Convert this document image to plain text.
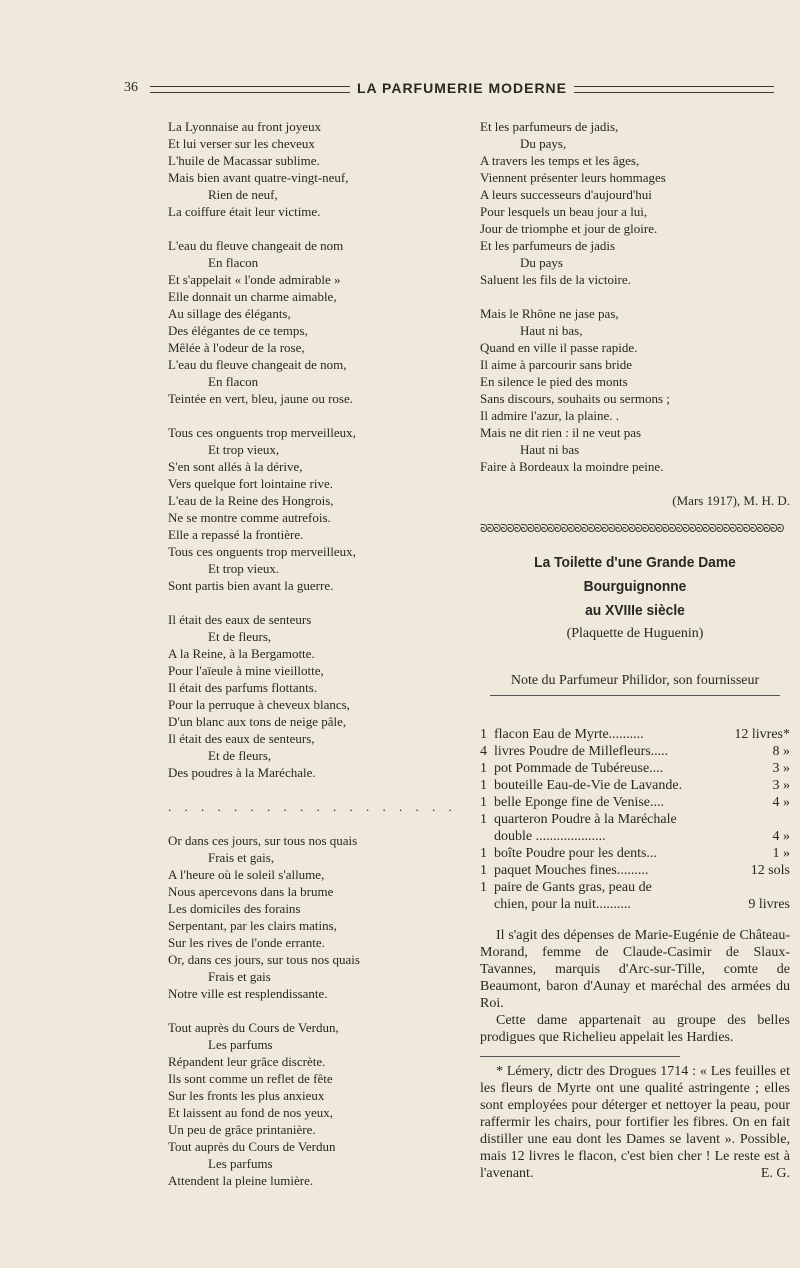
36	LA PARFUMERIE MODERNE
La Lyonnaise au front joyeux
Et lui verser sur les cheveux
L'huile de Macassar sublime.
Mais bien avant quatre-vingt-neuf,
Rien de neuf,
La coiffure était leur victime.
L'eau du fleuve changeait de nom
En flacon
Et s'appelait « l'onde admirable »
Elle donnait un charme aimable,
Au sillage des élégants,
Des élégantes de ce temps,
Mêlée à l'odeur de la rose,
L'eau du fleuve changeait de nom,
En flacon
Teintée en vert, bleu, jaune ou rose.
Tous ces onguents trop merveilleux,
Et trop vieux,
S'en sont allés à la dérive,
Vers quelque fort lointaine rive.
L'eau de la Reine des Hongrois,
Ne se montre comme autrefois.
Elle a repassé la frontière.
Tous ces onguents trop merveilleux,
Et trop vieux.
Sont partis bien avant la guerre.
Il était des eaux de senteurs
Et de fleurs,
A la Reine, à la Bergamotte.
Pour l'aïeule à mine vieillotte,
Il était des parfums flottants.
Pour la perruque à cheveux blancs,
D'un blanc aux tons de neige pâle,
Il était des eaux de senteurs,
Et de fleurs,
Des poudres à la Maréchale.
. . . . . . . . . . . . . . . . . .
Or dans ces jours, sur tous nos quais
Frais et gais,
A l'heure où le soleil s'allume,
Nous apercevons dans la brume
Les domiciles des forains
Serpentant, par les clairs matins,
Sur les rives de l'onde errante.
Or, dans ces jours, sur tous nos quais
Frais et gais
Notre ville est resplendissante.
Tout auprès du Cours de Verdun,
Les parfums
Répandent leur grâce discrète.
Ils sont comme un reflet de fête
Sur les fronts les plus anxieux
Et laissent au fond de nos yeux,
Un peu de grâce printanière.
Tout auprès du Cours de Verdun
Les parfums
Attendent la pleine lumière.
Et les parfumeurs de jadis,
Du pays,
A travers les temps et les âges,
Viennent présenter leurs hommages
A leurs successeurs d'aujourd'hui
Pour lesquels un beau jour a lui,
Jour de triomphe et jour de gloire.
Et les parfumeurs de jadis
Du pays
Saluent les fils de la victoire.
Mais le Rhône ne jase pas,
Haut ni bas,
Quand en ville il passe rapide.
Il aime à parcourir sans bride
En silence le pied des monts
Sans discours, souhaits ou sermons ;
Il admire l'azur, la plaine. .
Mais ne dit rien : il ne veut pas
Haut ni bas
Faire à Bordeaux la moindre peine.
(Mars 1917), M. H. D.
ᘐᘐᘐᘐᘐᘐᘐᘐᘐᘐᘐᘐᘐᘐᘐᘐᘐᘐᘐᘐᘐᘐᘐᘐᘐᘐᘐᘐᘐᘐᘐᘐᘐᘐᘐᘐᘐᘐᘐᘐᘐᘐᘐᘐᘐ
La Toilette d'une Grande Dame Bourguignonne
au XVIIIe siècle
(Plaquette de Huguenin)
Note du Parfumeur Philidor, son fournisseur
1 flacon Eau de Myrte..........	12 livres*
4 livres Poudre de Millefleurs.....	8 »
1 pot Pommade de Tubéreuse....	3 »
1 bouteille Eau-de-Vie de Lavande.	3 »
1 belle Eponge fine de Venise....	4 »
1 quarteron Poudre à la Maréchale
double ....................	4 »
1 boîte Poudre pour les dents...	1 »
1 paquet Mouches fines.........	12 sols
1 paire de Gants gras, peau de
chien, pour la nuit..........	9 livres
Il s'agit des dépenses de Marie-Eugénie de Château-Morand, femme de Claude-Casimir de Slaux-Tavannes, marquis d'Arc-sur-Tille, comte de Beaumont, baron d'Aunay et maréchal des armées du Roi.
Cette dame appartenait au groupe des belles prodigues que Richelieu appelait les Hardies.
* Lémery, dictr des Drogues 1714 : « Les feuilles et les fleurs de Myrte ont une qualité astringente ; elles sont employées pour déterger et nettoyer la peau, pour raffermir les chairs, pour fortifier les fibres. On en fait distiller une eau dont les Dames se lavent ». Possible, mais 12 livres le flacon, c'est bien cher ! Le reste est à l'avenant.	E. G.
